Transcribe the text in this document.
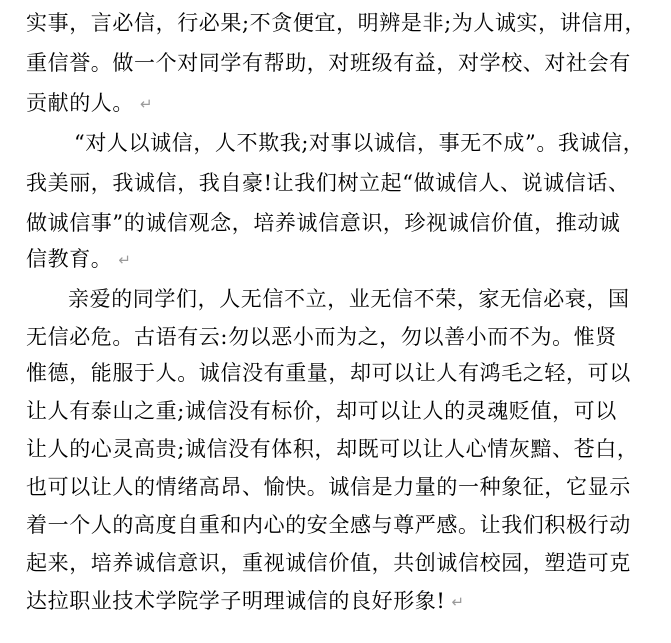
实事，言必信，行必果;不贪便宜，明辨是非;为人诚实，讲信用，
重信誉。做一个对同学有帮助，对班级有益，对学校、对社会有
贡献的人。 ↵
“对人以诚信，人不欺我;对事以诚信，事无不成”。我诚信，
我美丽，我诚信，我自豪!让我们树立起“做诚信人、说诚信话、
做诚信事”的诚信观念，培养诚信意识，珍视诚信价值，推动诚
信教育。 ↵
亲爱的同学们，人无信不立，业无信不荣，家无信必衰，国
无信必危。古语有云:勿以恶小而为之，勿以善小而不为。惟贤
惟德，能服于人。诚信没有重量，却可以让人有鸿毛之轻，可以
让人有泰山之重;诚信没有标价，却可以让人的灵魂贬值，可以
让人的心灵高贵;诚信没有体积，却既可以让人心情灰黯、苍白，
也可以让人的情绪高昂、愉快。诚信是力量的一种象征，它显示
着一个人的高度自重和内心的安全感与尊严感。让我们积极行动
起来，培养诚信意识，重视诚信价值，共创诚信校园，塑造可克
达拉职业技术学院学子明理诚信的良好形象! ↵
